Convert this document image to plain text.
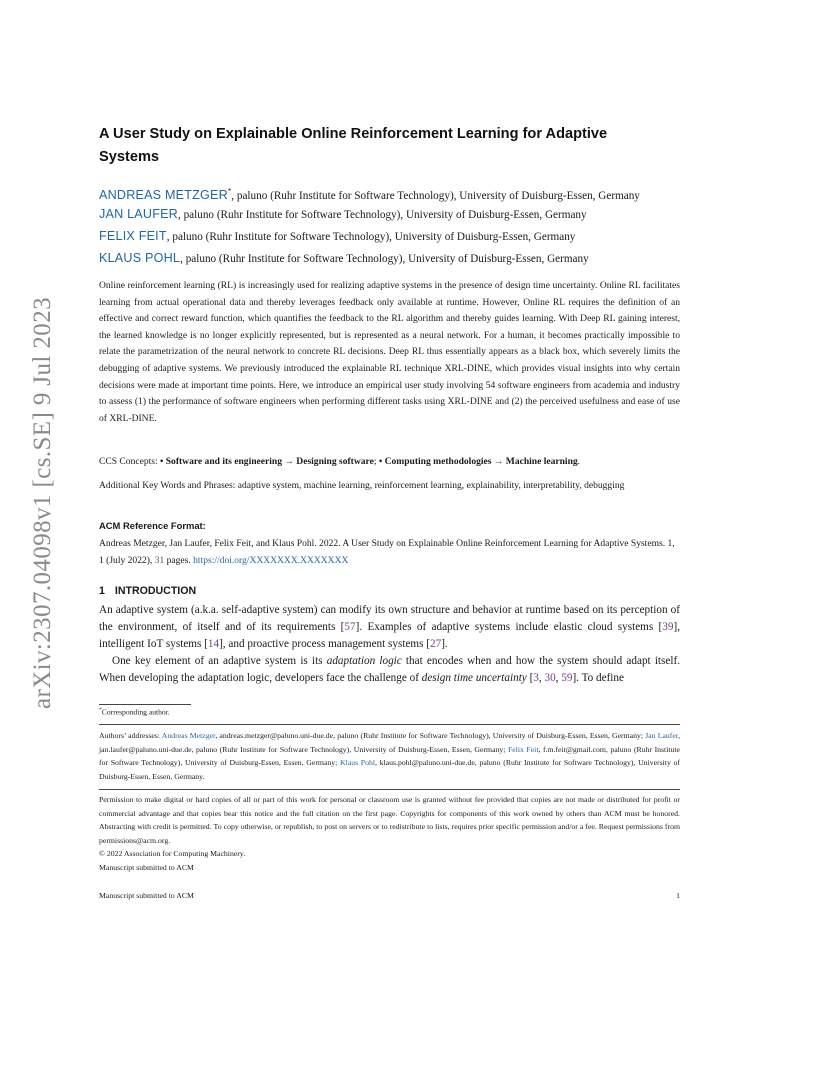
arXiv:2307.04098v1 [cs.SE] 9 Jul 2023
A User Study on Explainable Online Reinforcement Learning for Adaptive Systems
ANDREAS METZGER*, paluno (Ruhr Institute for Software Technology), University of Duisburg-Essen, Germany
JAN LAUFER, paluno (Ruhr Institute for Software Technology), University of Duisburg-Essen, Germany
FELIX FEIT, paluno (Ruhr Institute for Software Technology), University of Duisburg-Essen, Germany
KLAUS POHL, paluno (Ruhr Institute for Software Technology), University of Duisburg-Essen, Germany
Online reinforcement learning (RL) is increasingly used for realizing adaptive systems in the presence of design time uncertainty. Online RL facilitates learning from actual operational data and thereby leverages feedback only available at runtime. However, Online RL requires the definition of an effective and correct reward function, which quantifies the feedback to the RL algorithm and thereby guides learning. With Deep RL gaining interest, the learned knowledge is no longer explicitly represented, but is represented as a neural network. For a human, it becomes practically impossible to relate the parametrization of the neural network to concrete RL decisions. Deep RL thus essentially appears as a black box, which severely limits the debugging of adaptive systems. We previously introduced the explainable RL technique XRL-DINE, which provides visual insights into why certain decisions were made at important time points. Here, we introduce an empirical user study involving 54 software engineers from academia and industry to assess (1) the performance of software engineers when performing different tasks using XRL-DINE and (2) the perceived usefulness and ease of use of XRL-DINE.
CCS Concepts: • Software and its engineering → Designing software; • Computing methodologies → Machine learning.
Additional Key Words and Phrases: adaptive system, machine learning, reinforcement learning, explainability, interpretability, debugging
ACM Reference Format:
Andreas Metzger, Jan Laufer, Felix Feit, and Klaus Pohl. 2022. A User Study on Explainable Online Reinforcement Learning for Adaptive Systems. 1, 1 (July 2022), 31 pages. https://doi.org/XXXXXXX.XXXXXXX
1 INTRODUCTION

An adaptive system (a.k.a. self-adaptive system) can modify its own structure and behavior at runtime based on its perception of the environment, of itself and of its requirements [57]. Examples of adaptive systems include elastic cloud systems [39], intelligent IoT systems [14], and proactive process management systems [27].

One key element of an adaptive system is its adaptation logic that encodes when and how the system should adapt itself. When developing the adaptation logic, developers face the challenge of design time uncertainty [3, 30, 59]. To define

*Corresponding author.
Authors’ addresses: Andreas Metzger, andreas.metzger@paluno.uni-due.de, paluno (Ruhr Institute for Software Technology), University of Duisburg-Essen, Essen, Germany; Jan Laufer, jan.laufer@paluno.uni-due.de, paluno (Ruhr Institute for Software Technology), University of Duisburg-Essen, Essen, Germany; Felix Feit, f.m.feit@gmail.com, paluno (Ruhr Institute for Software Technology), University of Duisburg-Essen, Essen, Germany; Klaus Pohl, klaus.pohl@paluno.uni-due.de, paluno (Ruhr Institute for Software Technology), University of Duisburg-Essen, Essen, Germany.
Permission to make digital or hard copies of all or part of this work for personal or classroom use is granted without fee provided that copies are not made or distributed for profit or commercial advantage and that copies bear this notice and the full citation on the first page. Copyrights for components of this work owned by others than ACM must be honored. Abstracting with credit is permitted. To copy otherwise, or republish, to post on servers or to redistribute to lists, requires prior specific permission and/or a fee. Request permissions from permissions@acm.org.
© 2022 Association for Computing Machinery.
Manuscript submitted to ACM
Manuscript submitted to ACM	1
